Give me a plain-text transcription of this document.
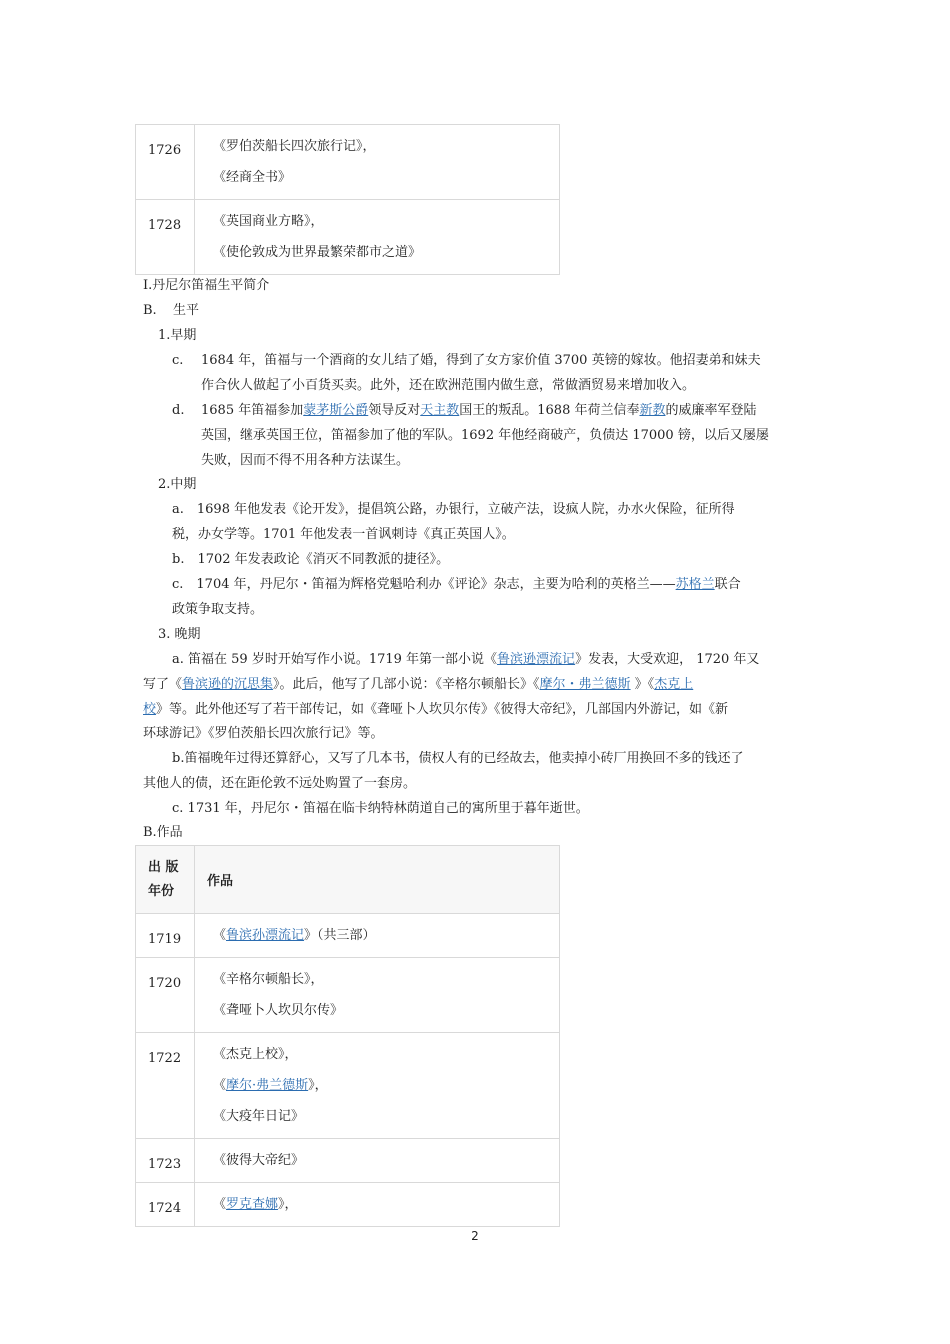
1726	《罗伯茨船长四次旅行记》，
《经商全书》

1728	《英国商业方略》，
《使伦敦成为世界最繁荣都市之道》
I.丹尼尔笛福生平简介
B. 生平
1.早期
c. 1684 年，笛福与一个酒商的女儿结了婚，得到了女方家价值 3700 英镑的嫁妆。他招妻弟和妹夫
作合伙人做起了小百货买卖。此外，还在欧洲范围内做生意，常做酒贸易来增加收入。
d. 1685 年笛福参加蒙茅斯公爵领导反对天主教国王的叛乱。1688 年荷兰信奉新教的威廉率军登陆
英国，继承英国王位，笛福参加了他的军队。1692 年他经商破产，负债达 17000 镑，以后又屡屡
失败，因而不得不用各种方法谋生。
2.中期
a.　1698 年他发表《论开发》，提倡筑公路，办银行，立破产法，设疯人院，办水火保险，征所得
税，办女学等。1701 年他发表一首讽刺诗《真正英国人》。
b.　1702 年发表政论《消灭不同教派的捷径》。
c.　1704 年，丹尼尔・笛福为辉格党魁哈利办《评论》杂志，主要为哈利的英格兰——苏格兰联合
政策争取支持。
3. 晚期
a. 笛福在 59 岁时开始写作小说。1719 年第一部小说《鲁滨逊漂流记》发表，大受欢迎， 1720 年又
写了《鲁滨逊的沉思集》。此后，他写了几部小说：《辛格尔顿船长》《摩尔・弗兰德斯 》《杰克上
校》等。此外他还写了若干部传记，如《聋哑卜人坎贝尔传》《彼得大帝纪》，几部国内外游记，如《新
环球游记》《罗伯茨船长四次旅行记》等。
b.笛福晚年过得还算舒心，又写了几本书，债权人有的已经故去，他卖掉小砖厂用换回不多的钱还了
其他人的债，还在距伦敦不远处购置了一套房。
c. 1731 年，丹尼尔・笛福在临卡纳特林荫道自己的寓所里于暮年逝世。
B.作品
出 版
年份	作品
1719	《鲁滨孙漂流记》（共三部）

1720	《辛格尔顿船长》，
《聋哑卜人坎贝尔传》

1722	《杰克上校》，
《摩尔·弗兰德斯》，
《大疫年日记》

1723	《彼得大帝纪》

1724	《罗克查娜》，
2
